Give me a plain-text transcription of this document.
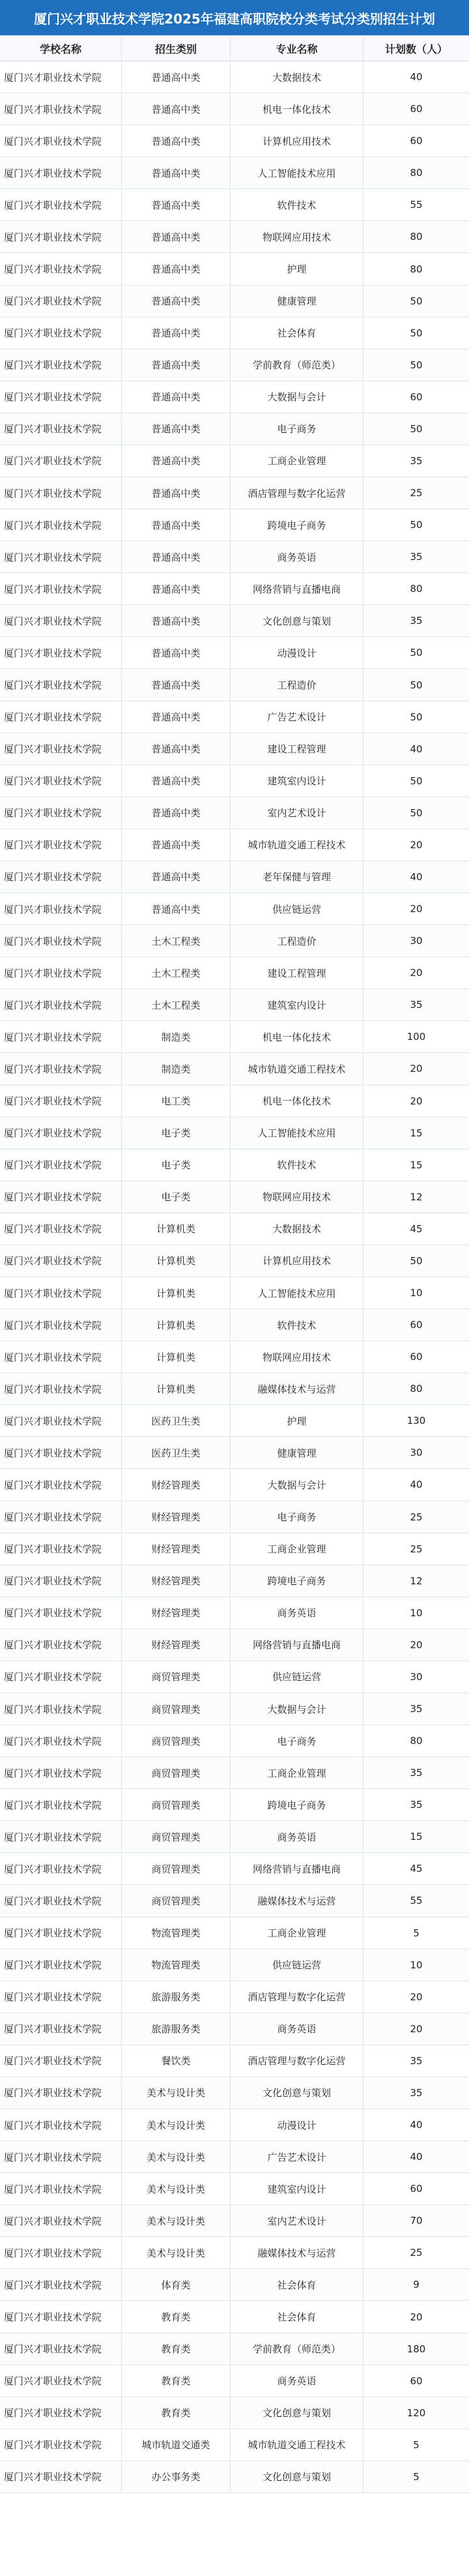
厦门兴才职业技术学院2025年福建高职院校分类考试分类别招生计划
学校名称	招生类别	专业名称	计划数（人）
厦门兴才职业技术学院	普通高中类	大数据技术	40
厦门兴才职业技术学院	普通高中类	机电一体化技术	60
厦门兴才职业技术学院	普通高中类	计算机应用技术	60
厦门兴才职业技术学院	普通高中类	人工智能技术应用	80
厦门兴才职业技术学院	普通高中类	软件技术	55
厦门兴才职业技术学院	普通高中类	物联网应用技术	80
厦门兴才职业技术学院	普通高中类	护理	80
厦门兴才职业技术学院	普通高中类	健康管理	50
厦门兴才职业技术学院	普通高中类	社会体育	50
厦门兴才职业技术学院	普通高中类	学前教育（师范类）	50
厦门兴才职业技术学院	普通高中类	大数据与会计	60
厦门兴才职业技术学院	普通高中类	电子商务	50
厦门兴才职业技术学院	普通高中类	工商企业管理	35
厦门兴才职业技术学院	普通高中类	酒店管理与数字化运营	25
厦门兴才职业技术学院	普通高中类	跨境电子商务	50
厦门兴才职业技术学院	普通高中类	商务英语	35
厦门兴才职业技术学院	普通高中类	网络营销与直播电商	80
厦门兴才职业技术学院	普通高中类	文化创意与策划	35
厦门兴才职业技术学院	普通高中类	动漫设计	50
厦门兴才职业技术学院	普通高中类	工程造价	50
厦门兴才职业技术学院	普通高中类	广告艺术设计	50
厦门兴才职业技术学院	普通高中类	建设工程管理	40
厦门兴才职业技术学院	普通高中类	建筑室内设计	50
厦门兴才职业技术学院	普通高中类	室内艺术设计	50
厦门兴才职业技术学院	普通高中类	城市轨道交通工程技术	20
厦门兴才职业技术学院	普通高中类	老年保健与管理	40
厦门兴才职业技术学院	普通高中类	供应链运营	20
厦门兴才职业技术学院	土木工程类	工程造价	30
厦门兴才职业技术学院	土木工程类	建设工程管理	20
厦门兴才职业技术学院	土木工程类	建筑室内设计	35
厦门兴才职业技术学院	制造类	机电一体化技术	100
厦门兴才职业技术学院	制造类	城市轨道交通工程技术	20
厦门兴才职业技术学院	电工类	机电一体化技术	20
厦门兴才职业技术学院	电子类	人工智能技术应用	15
厦门兴才职业技术学院	电子类	软件技术	15
厦门兴才职业技术学院	电子类	物联网应用技术	12
厦门兴才职业技术学院	计算机类	大数据技术	45
厦门兴才职业技术学院	计算机类	计算机应用技术	50
厦门兴才职业技术学院	计算机类	人工智能技术应用	10
厦门兴才职业技术学院	计算机类	软件技术	60
厦门兴才职业技术学院	计算机类	物联网应用技术	60
厦门兴才职业技术学院	计算机类	融媒体技术与运营	80
厦门兴才职业技术学院	医药卫生类	护理	130
厦门兴才职业技术学院	医药卫生类	健康管理	30
厦门兴才职业技术学院	财经管理类	大数据与会计	40
厦门兴才职业技术学院	财经管理类	电子商务	25
厦门兴才职业技术学院	财经管理类	工商企业管理	25
厦门兴才职业技术学院	财经管理类	跨境电子商务	12
厦门兴才职业技术学院	财经管理类	商务英语	10
厦门兴才职业技术学院	财经管理类	网络营销与直播电商	20
厦门兴才职业技术学院	商贸管理类	供应链运营	30
厦门兴才职业技术学院	商贸管理类	大数据与会计	35
厦门兴才职业技术学院	商贸管理类	电子商务	80
厦门兴才职业技术学院	商贸管理类	工商企业管理	35
厦门兴才职业技术学院	商贸管理类	跨境电子商务	35
厦门兴才职业技术学院	商贸管理类	商务英语	15
厦门兴才职业技术学院	商贸管理类	网络营销与直播电商	45
厦门兴才职业技术学院	商贸管理类	融媒体技术与运营	55
厦门兴才职业技术学院	物流管理类	工商企业管理	5
厦门兴才职业技术学院	物流管理类	供应链运营	10
厦门兴才职业技术学院	旅游服务类	酒店管理与数字化运营	20
厦门兴才职业技术学院	旅游服务类	商务英语	20
厦门兴才职业技术学院	餐饮类	酒店管理与数字化运营	35
厦门兴才职业技术学院	美术与设计类	文化创意与策划	35
厦门兴才职业技术学院	美术与设计类	动漫设计	40
厦门兴才职业技术学院	美术与设计类	广告艺术设计	40
厦门兴才职业技术学院	美术与设计类	建筑室内设计	60
厦门兴才职业技术学院	美术与设计类	室内艺术设计	70
厦门兴才职业技术学院	美术与设计类	融媒体技术与运营	25
厦门兴才职业技术学院	体育类	社会体育	9
厦门兴才职业技术学院	教育类	社会体育	20
厦门兴才职业技术学院	教育类	学前教育（师范类）	180
厦门兴才职业技术学院	教育类	商务英语	60
厦门兴才职业技术学院	教育类	文化创意与策划	120
厦门兴才职业技术学院	城市轨道交通类	城市轨道交通工程技术	5
厦门兴才职业技术学院	办公事务类	文化创意与策划	5
